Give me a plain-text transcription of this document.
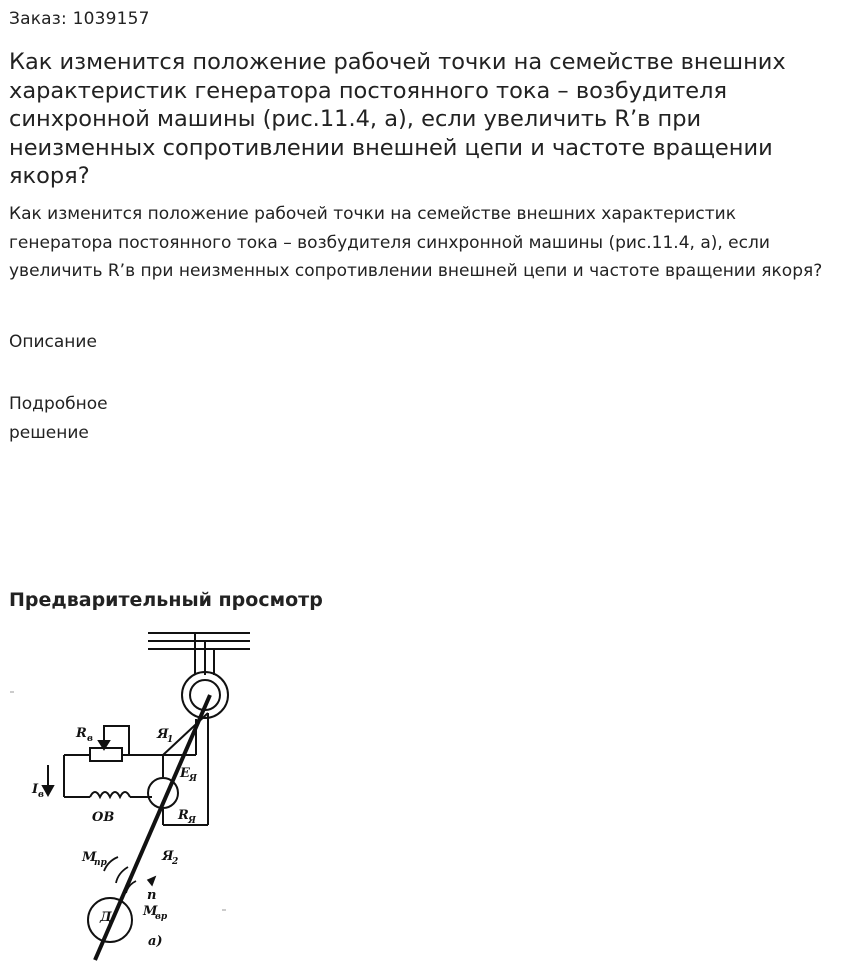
Заказ: 1039157
Как изменится положение рабочей точки на семействе внешних характеристик генератора постоянного тока – возбудителя синхронной машины (рис.11.4, а), если увеличить R’в при неизменных сопротивлении внешней цепи и частоте вращении якоря?

Как изменится положение рабочей точки на семействе внешних характеристик генератора постоянного тока – возбудителя синхронной машины (рис.11.4, а), если увеличить R’в при неизменных сопротивлении внешней цепи и частоте вращении якоря?

Описание
Подробное решение
Предварительный просмотр
R в
I в
Я
1
E Я
R Я
ОВ
Я
2
M
пр
n
M
вр
Д
а)
